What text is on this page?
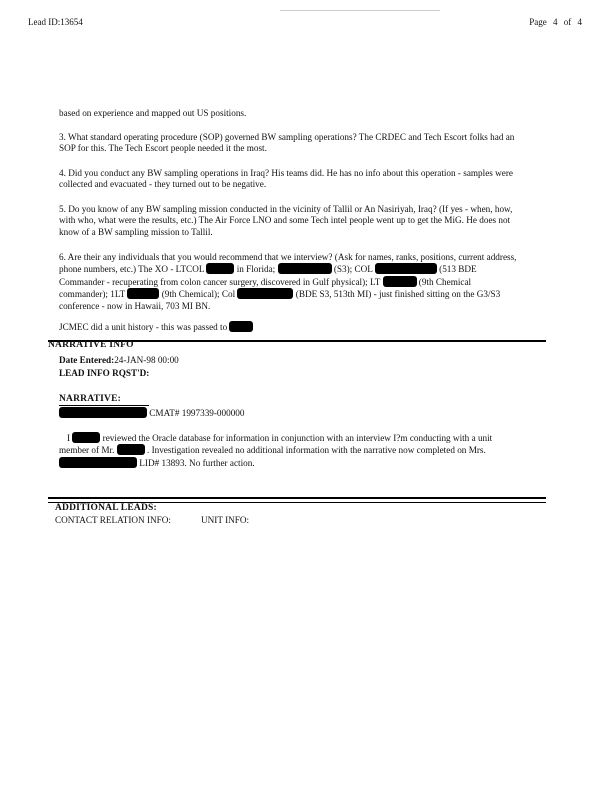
Lead ID:13654	Page 4 of 4

based on experience and mapped out US positions.

3. What standard operating procedure (SOP) governed BW sampling operations? The CRDEC and Tech Escort folks had an SOP for this. The Tech Escort people needed it the most.

4. Did you conduct any BW sampling operations in Iraq? His teams did. He has no info about this operation - samples were collected and evacuated - they turned out to be negative.

5. Do you know of any BW sampling mission conducted in the vicinity of Tallil or An Nasiriyah, Iraq? (If yes - when, how, with who, what were the results, etc.) The Air Force LNO and some Tech intel people went up to get the MiG. He does not know of a BW sampling mission to Tallil.

6. Are their any individuals that you would recommend that we interview? (Ask for names, ranks, positions, current address, phone numbers, etc.) The XO - LTCOL	in Florida;	(S3); COL	(513 BDE Commander - recuperating from colon cancer surgery, discovered in Gulf physical); LT	(9th Chemical commander); 1LT	(9th Chemical); Col	(BDE S3, 513th MI) - just finished sitting on the G3/S3 conference - now in Hawaii, 703 MI BN.

JCMEC did a unit history - this was passed to

NARRATIVE INFO
Date Entered:24-JAN-98 00:00
LEAD INFO RQST'D:
NARRATIVE:
CMAT# 1997339-000000

I	reviewed the Oracle database for information in conjunction with an interview I?m conducting with a unit member of Mr.	. Investigation revealed no additional information with the narrative now completed on Mrs.  LID# 13893. No further action.

ADDITIONAL LEADS:
CONTACT RELATION INFO:	UNIT INFO:
